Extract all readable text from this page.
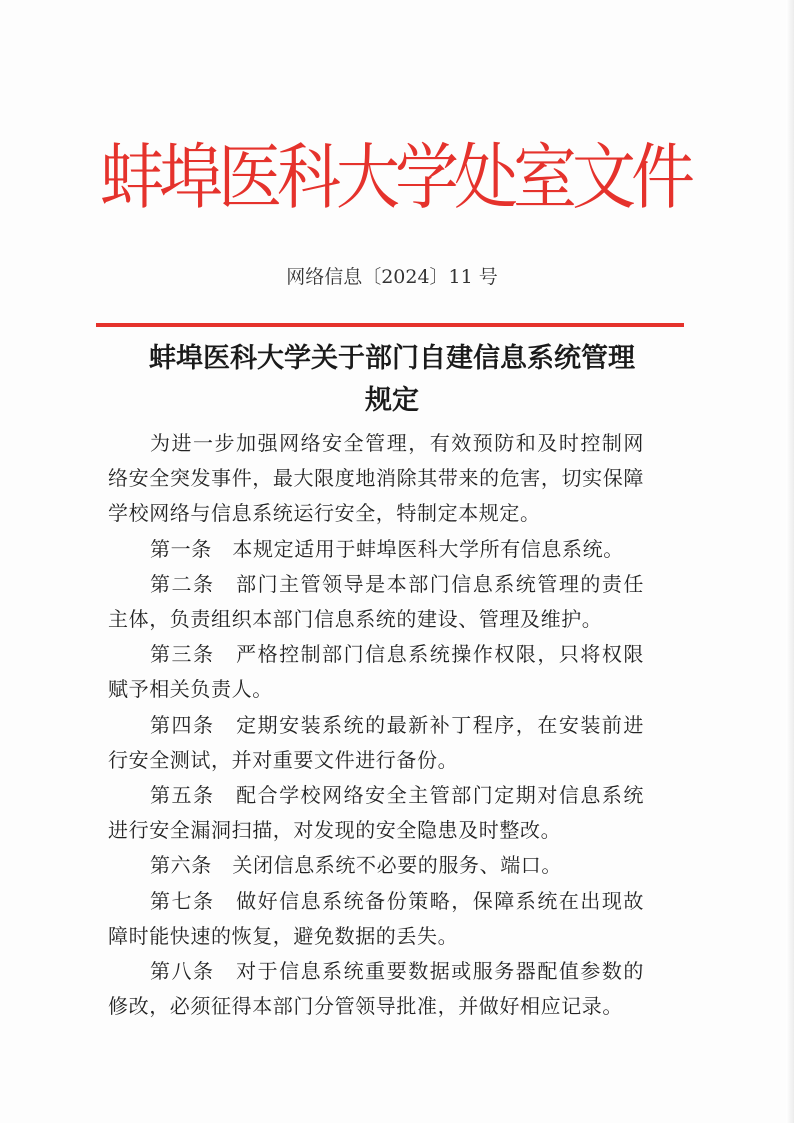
蚌埠医科大学处室文件
网络信息〔2024〕11 号
蚌埠医科大学关于部门自建信息系统管理
规定

为进一步加强网络安全管理，有效预防和及时控制网络安全突发事件，最大限度地消除其带来的危害，切实保障学校网络与信息系统运行安全，特制定本规定。

第一条　本规定适用于蚌埠医科大学所有信息系统。

第二条　部门主管领导是本部门信息系统管理的责任主体，负责组织本部门信息系统的建设、管理及维护。

第三条　严格控制部门信息系统操作权限，只将权限赋予相关负责人。

第四条　定期安装系统的最新补丁程序，在安装前进行安全测试，并对重要文件进行备份。

第五条　配合学校网络安全主管部门定期对信息系统进行安全漏洞扫描，对发现的安全隐患及时整改。

第六条　关闭信息系统不必要的服务、端口。

第七条　做好信息系统备份策略，保障系统在出现故障时能快速的恢复，避免数据的丢失。

第八条　对于信息系统重要数据或服务器配值参数的修改，必须征得本部门分管领导批准，并做好相应记录。
